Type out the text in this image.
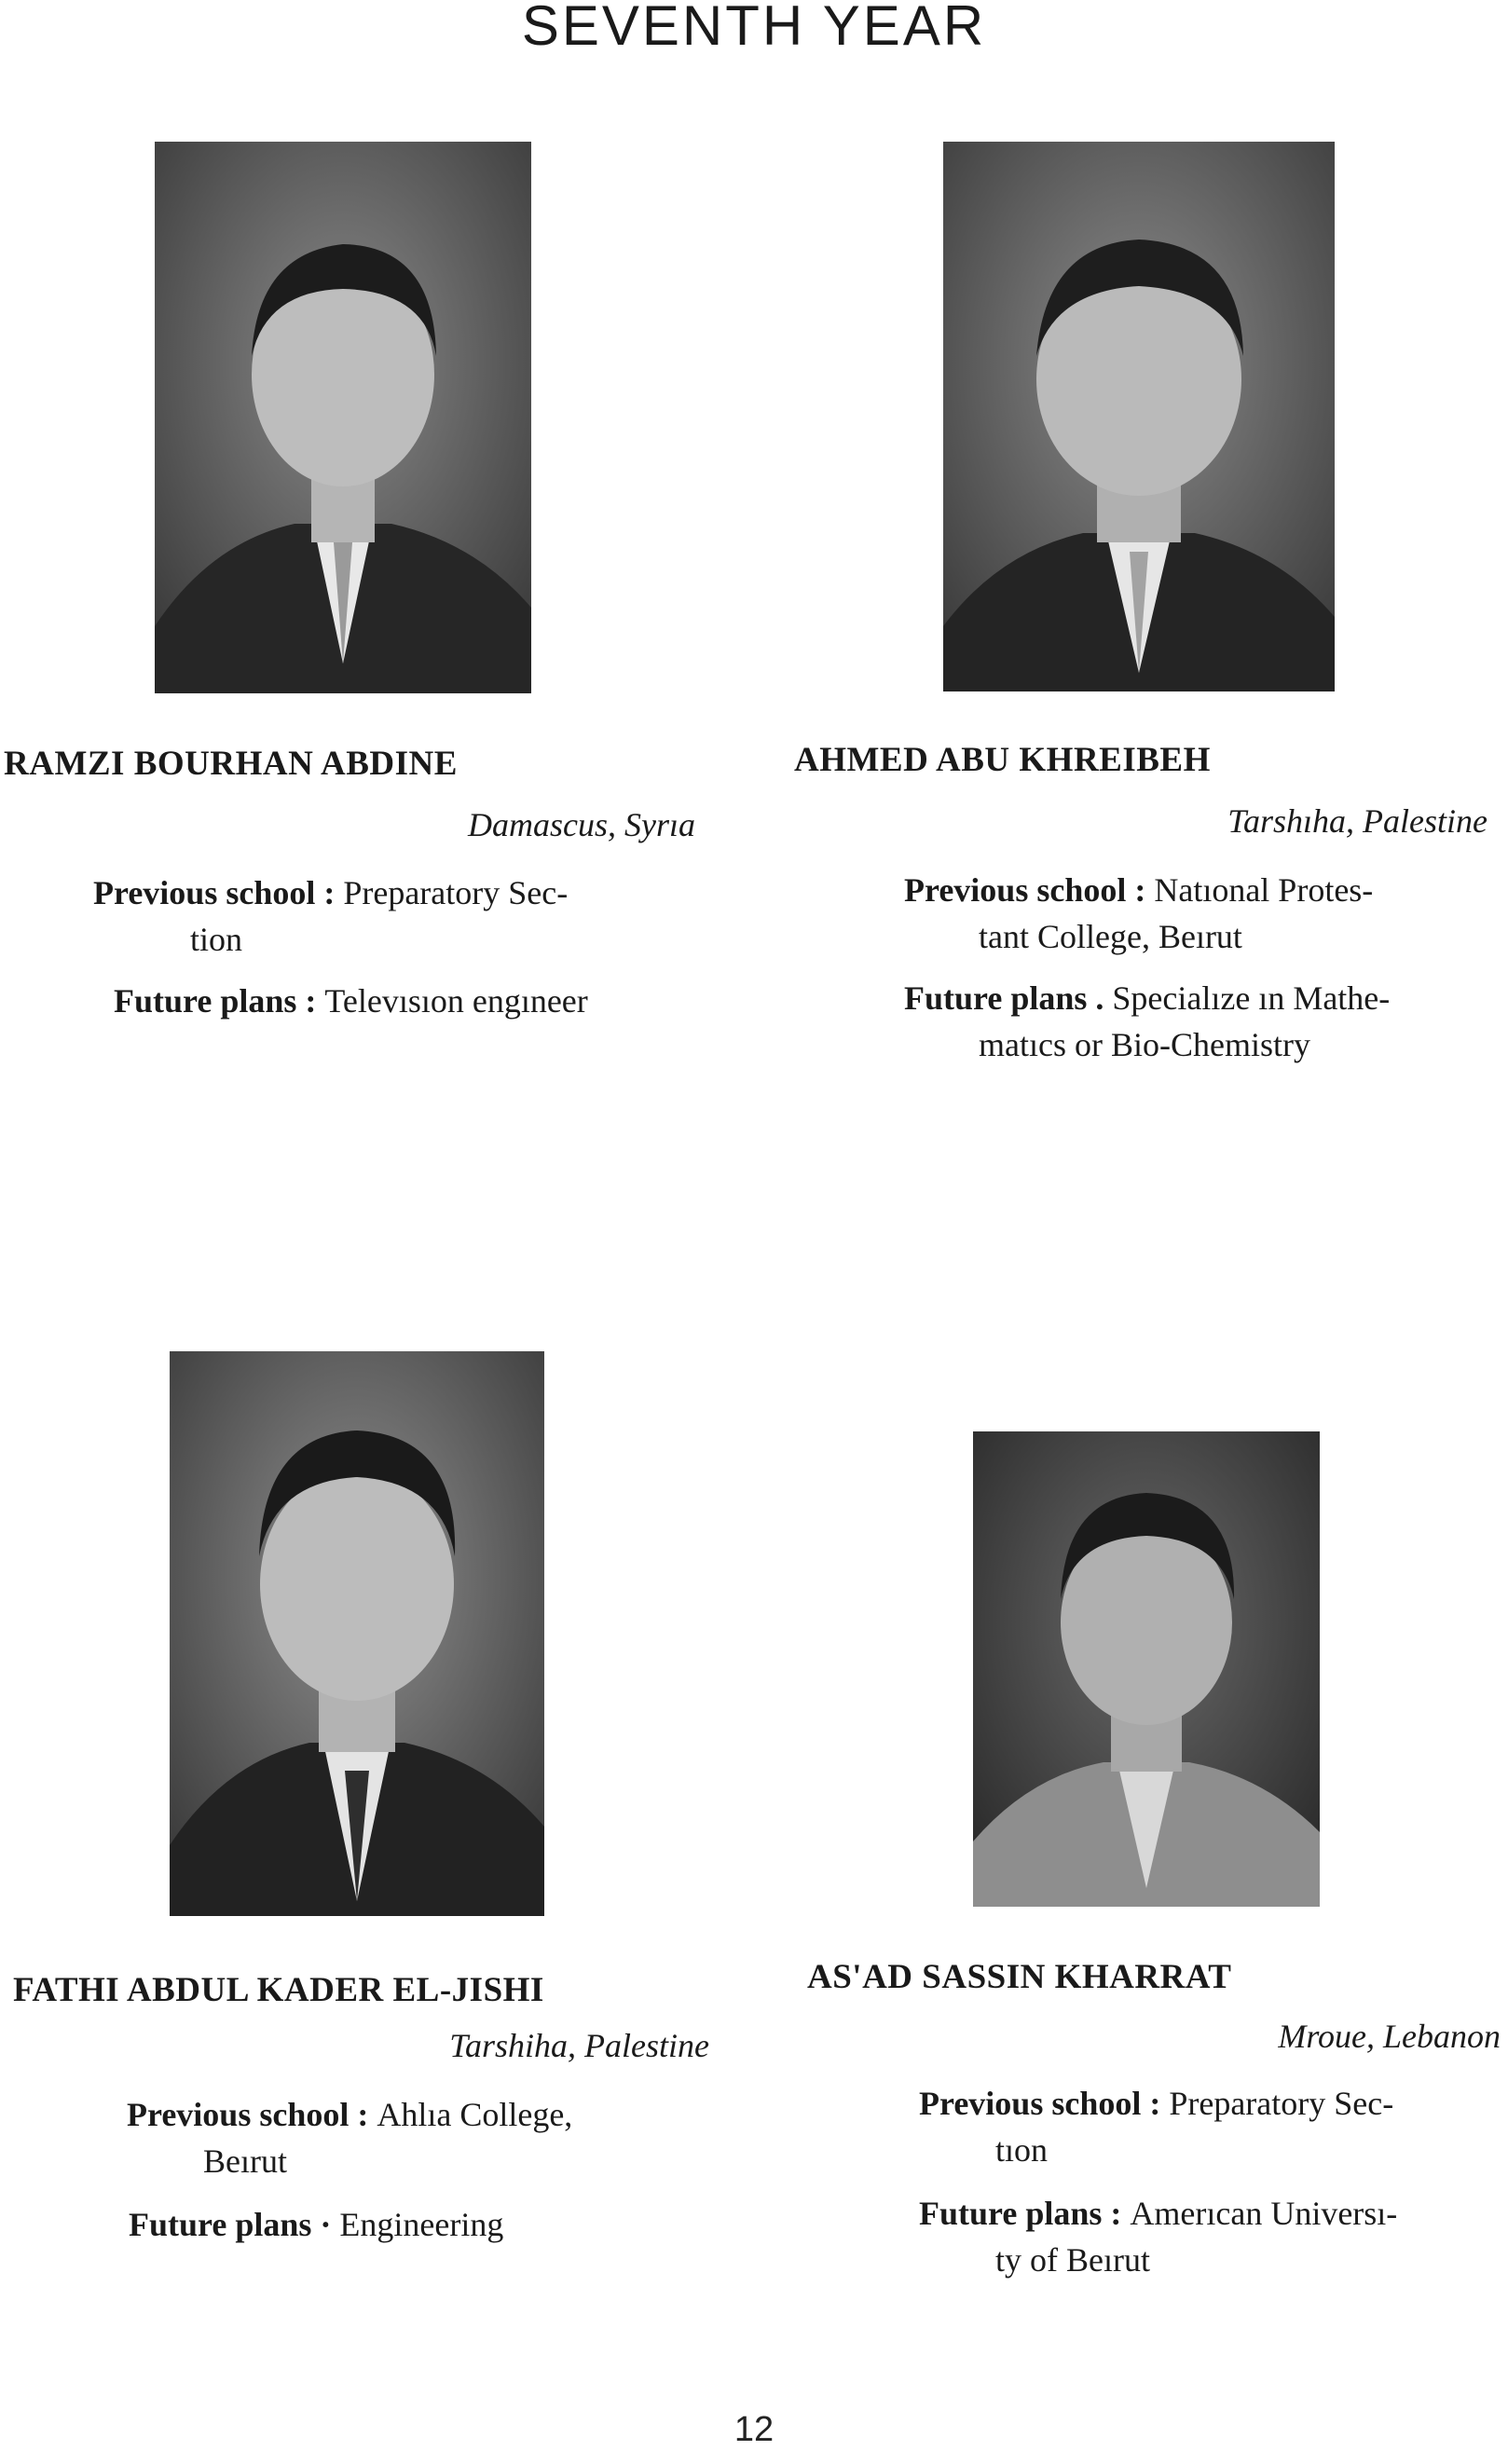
SEVENTH YEAR
RAMZI BOURHAN ABDINE
Damascus, Syrıa
Previous school : Preparatory Sec-
tion
Future plans : Televısıon engıneer
AHMED ABU KHREIBEH
Tarshıha, Palestine
Previous school : Natıonal Protes-
tant College, Beırut
Future plans . Specialıze ın Mathe-
matıcs or Bio-Chemistry
FATHI ABDUL KADER EL-JISHI
Tarshiha, Palestine
Previous school : Ahlıa College,
Beırut
Future plans · Engineering
AS'AD SASSIN KHARRAT
Mroue, Lebanon
Previous school : Preparatory Sec-
tıon
Future plans : Amerıcan Universı-
ty of Beırut
12
